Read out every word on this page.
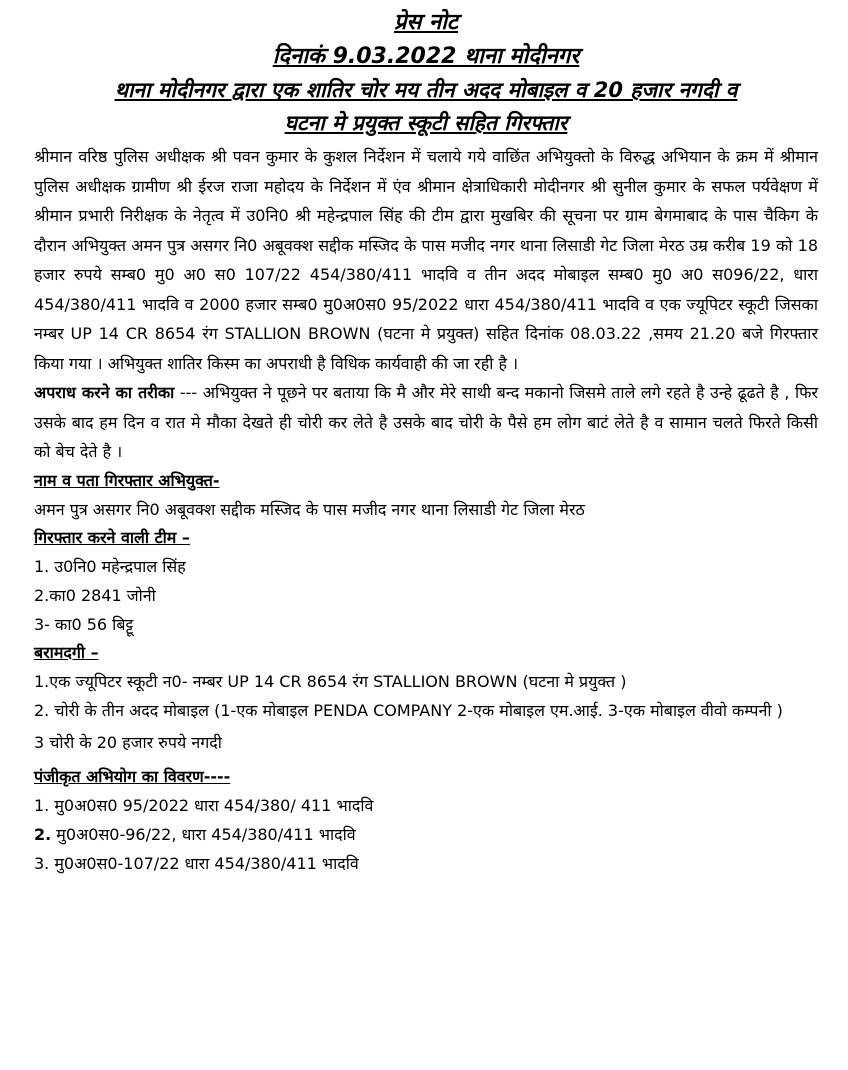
प्रेस नोट

दिनाकं 9.03.2022 थाना मोदीनगर

थाना मोदीनगर द्वारा एक शातिर चोर मय तीन अदद मोबाइल व 20 हजार नगदी व

घटना मे प्रयुक्त स्कूटी सहित गिरफ्तार

श्रीमान वरिष्ठ पुलिस अधीक्षक श्री पवन कुमार के कुशल निर्देशन में चलाये गये वाछिंत अभियुक्तो के विरुद्ध अभियान के क्रम में श्रीमान पुलिस अधीक्षक ग्रामीण श्री ईरज राजा महोदय के निर्देशन में एंव श्रीमान क्षेत्राधिकारी मोदीनगर श्री सुनील कुमार के सफल पर्यवेक्षण में श्रीमान प्रभारी निरीक्षक के नेतृत्व में उ0नि0 श्री महेन्द्रपाल सिंह की टीम द्वारा मुखबिर की सूचना पर ग्राम बेगमाबाद के पास चैकिग के दौरान अभियुक्त अमन पुत्र असगर नि0 अबूवक्श सद्दीक मस्जिद के पास मजीद नगर थाना लिसाडी गेट जिला मेरठ उम्र करीब 19 को 18 हजार रुपये सम्ब0 मु0 अ0 स0 107/22 454/380/411 भादवि व तीन अदद मोबाइल सम्ब0 मु0 अ0 स096/22, धारा 454/380/411 भादवि व 2000 हजार सम्ब0 मु0अ0स0 95/2022 धारा 454/380/411 भादवि व एक ज्यूपिटर स्कूटी जिसका नम्बर UP 14 CR 8654 रंग STALLION BROWN (घटना मे प्रयुक्त) सहित दिनांक 08.03.22 ,समय 21.20 बजे गिरफ्तार किया गया । अभियुक्त शातिर किस्म का अपराधी है विधिक कार्यवाही की जा रही है ।

अपराध करने का तरीका --- अभियुक्त ने पूछने पर बताया कि मै और मेरे साथी बन्द मकानो जिसमे ताले लगे रहते है उन्हे ढूढते है , फिर उसके बाद हम दिन व रात मे मौका देखते ही चोरी कर लेते है उसके बाद चोरी के पैसे हम लोग बाटं लेते है व सामान चलते फिरते किसी को बेच देते है ।

नाम व पता गिरफ्तार अभियुक्त-

अमन पुत्र असगर नि0 अबूवक्श सद्दीक मस्जिद के पास मजीद नगर थाना लिसाडी गेट जिला मेरठ

गिरफ्तार करने वाली टीम –

1. उ0नि0 महेन्द्रपाल सिंह

2.का0 2841 जोनी

3- का0 56 बिट्टू

बरामदगी –

1.एक ज्यूपिटर स्कूटी न0- नम्बर UP 14 CR 8654 रंग STALLION BROWN (घटना मे प्रयुक्त )

2. चोरी के तीन अदद मोबाइल (1-एक मोबाइल PENDA COMPANY 2-एक मोबाइल एम.आई. 3-एक मोबाइल वीवो कम्पनी )

3 चोरी के 20 हजार रुपये नगदी

पंजीकृत अभियोग का विवरण----

1. मु0अ0स0 95/2022 धारा 454/380/ 411 भादवि

2. मु0अ0स0-96/22, धारा 454/380/411 भादवि

3. मु0अ0स0-107/22 धारा 454/380/411 भादवि
